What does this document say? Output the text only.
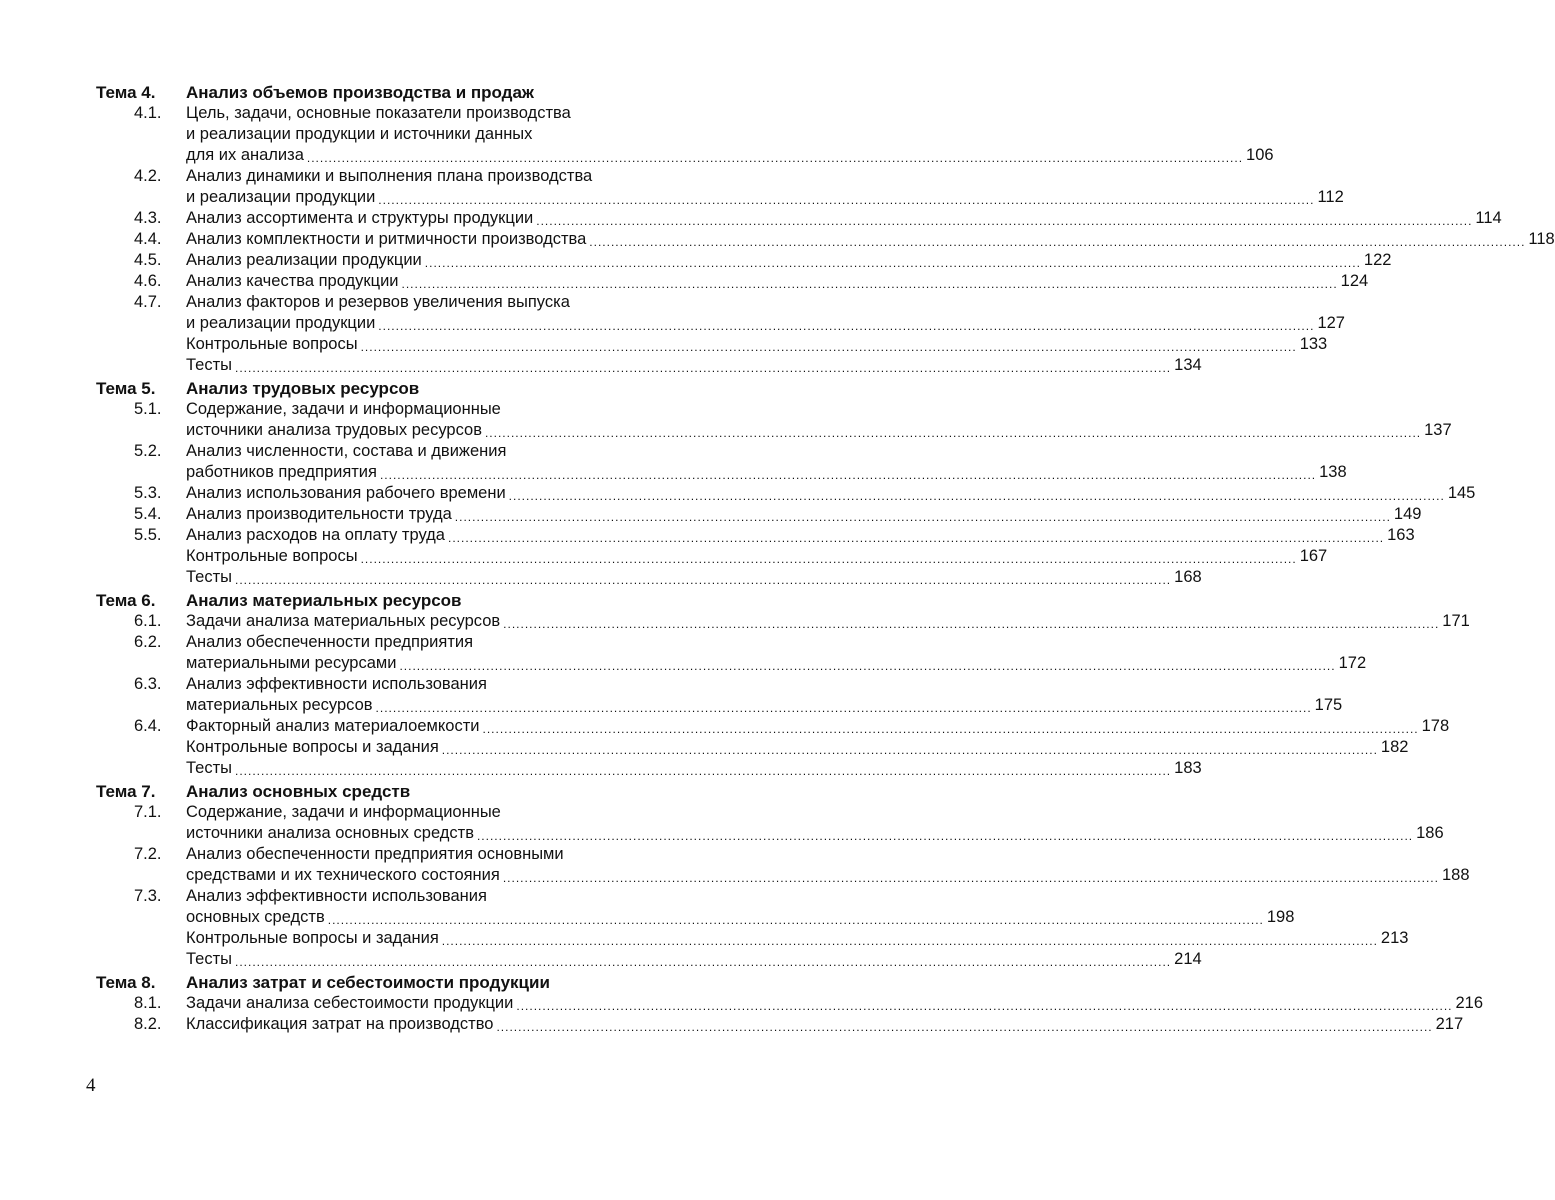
Тема 4.	Анализ объемов производства и продаж
4.1.	Цель, задачи, основные показатели производства
и реализации продукции и источники данных
для их анализа .....	106
4.2.	Анализ динамики и выполнения плана производства
и реализации продукции .....	112
4.3.	Анализ ассортимента и структуры продукции .....	114
4.4.	Анализ комплектности и ритмичности производства .....	118
4.5.	Анализ реализации продукции .....	122
4.6.	Анализ качества продукции .....	124
4.7.	Анализ факторов и резервов увеличения выпуска
и реализации продукции .....	127
Контрольные вопросы .....	133
Тесты .....	134
Тема 5.	Анализ трудовых ресурсов
5.1.	Содержание, задачи и информационные
источники анализа трудовых ресурсов .....	137
5.2.	Анализ численности, состава и движения
работников предприятия .....	138
5.3.	Анализ использования рабочего времени .....	145
5.4.	Анализ производительности труда .....	149
5.5.	Анализ расходов на оплату труда .....	163
Контрольные вопросы .....	167
Тесты .....	168
Тема 6.	Анализ материальных ресурсов
6.1.	Задачи анализа материальных ресурсов .....	171
6.2.	Анализ обеспеченности предприятия
материальными ресурсами .....	172
6.3.	Анализ эффективности использования
материальных ресурсов .....	175
6.4.	Факторный анализ материалоемкости .....	178
Контрольные вопросы и задания .....	182
Тесты .....	183
Тема 7.	Анализ основных средств
7.1.	Содержание, задачи и информационные
источники анализа основных средств .....	186
7.2.	Анализ обеспеченности предприятия основными
средствами и их технического состояния .....	188
7.3.	Анализ эффективности использования
основных средств .....	198
Контрольные вопросы и задания .....	213
Тесты .....	214
Тема 8.	Анализ затрат и себестоимости продукции
8.1.	Задачи анализа себестоимости продукции .....	216
8.2.	Классификация затрат на производство .....	217
4
